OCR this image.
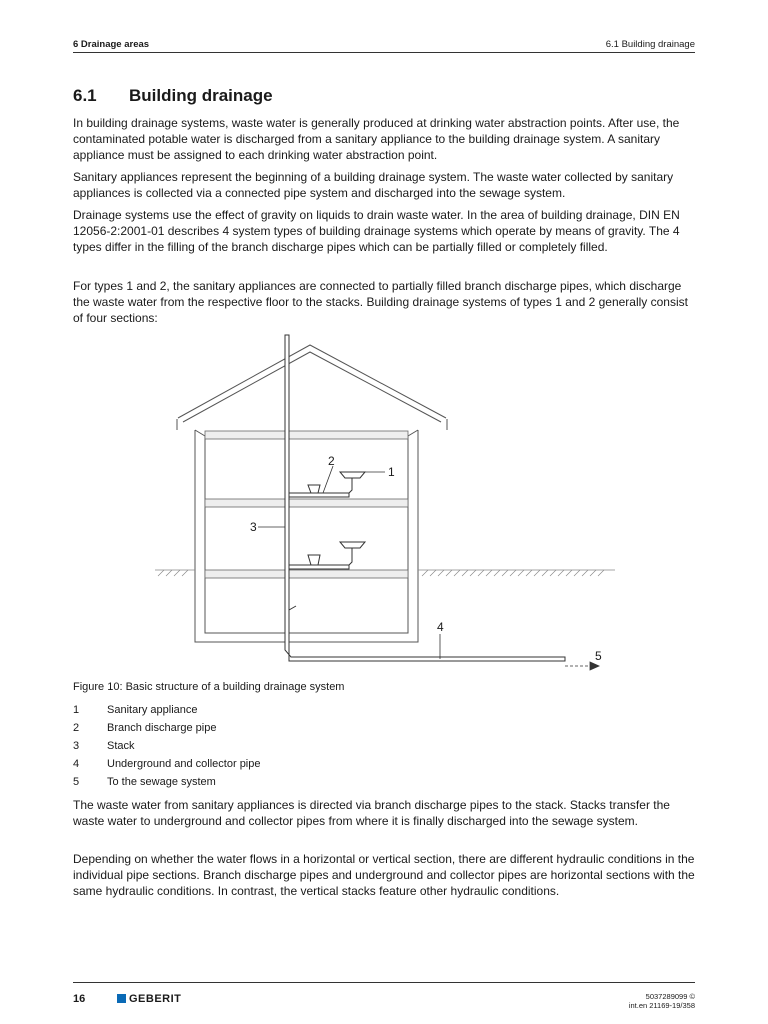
6 Drainage areas	6.1 Building drainage
6.1 Building drainage

In building drainage systems, waste water is generally produced at drinking water abstraction points. After use, the contaminated potable water is discharged from a sanitary appliance to the building drainage system. A sanitary appliance must be assigned to each drinking water abstraction point.

Sanitary appliances represent the beginning of a building drainage system. The waste water collected by sanitary appliances is collected via a connected pipe system and discharged into the sewage system.

Drainage systems use the effect of gravity on liquids to drain waste water. In the area of building drainage, DIN EN 12056-2:2001-01 describes 4 system types of building drainage systems which operate by means of gravity. The 4 types differ in the filling of the branch discharge pipes which can be partially filled or completely filled.

For types 1 and 2, the sanitary appliances are connected to partially filled branch discharge pipes, which discharge the waste water from the respective floor to the stacks. Building drainage systems of types 1 and 2 generally consist of four sections:

1
2
3
4
5
Figure 10: Basic structure of a building drainage system
1	Sanitary appliance
2	Branch discharge pipe
3	Stack
4	Underground and collector pipe
5	To the sewage system

The waste water from sanitary appliances is directed via branch discharge pipes to the stack. Stacks transfer the waste water to underground and collector pipes from where it is finally discharged into the sewage system.

Depending on whether the water flows in a horizontal or vertical section, there are different hydraulic conditions in the individual pipe sections. Branch discharge pipes and underground and collector pipes are horizontal sections with the same hydraulic conditions. In contrast, the vertical stacks feature other hydraulic conditions.

16	GEBERIT	5037289099 ©
int.en 21169-19/358
